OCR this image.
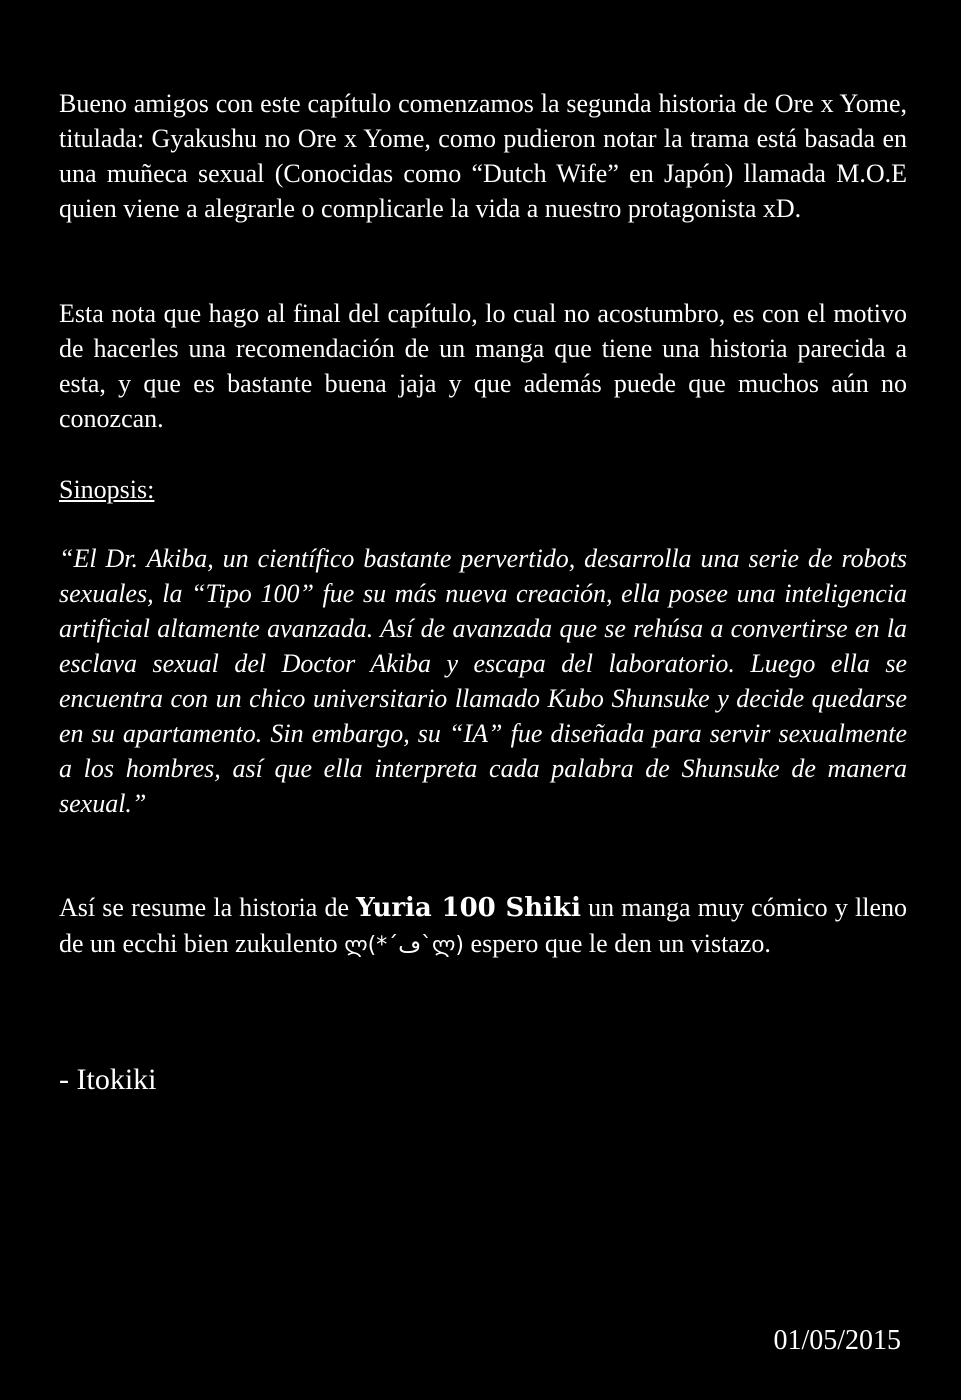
Bueno amigos con este capítulo comenzamos la segunda historia de Ore x Yome, titulada: Gyakushu no Ore x Yome, como pudieron notar la trama está basada en una muñeca sexual (Conocidas como “Dutch Wife” en Japón) llamada M.O.E quien viene a alegrarle o complicarle la vida a nuestro protagonista xD.

Esta nota que hago al final del capítulo, lo cual no acostumbro, es con el motivo de hacerles una recomendación de un manga que tiene una historia parecida a esta, y que es bastante buena jaja y que además puede que muchos aún no conozcan.

Sinopsis:

“El Dr. Akiba, un científico bastante pervertido, desarrolla una serie de robots sexuales, la “Tipo 100” fue su más nueva creación, ella posee una inteligencia artificial altamente avanzada. Así de avanzada que se rehúsa a convertirse en la esclava sexual del Doctor Akiba y escapa del laboratorio. Luego ella se encuentra con un chico universitario llamado Kubo Shunsuke y decide quedarse en su apartamento. Sin embargo, su “IA” fue diseñada para servir sexualmente a los hombres, así que ella interpreta cada palabra de Shunsuke de manera sexual.”

Así se resume la historia de Yuria 100 Shiki un manga muy cómico y lleno de un ecchi bien zukulento ლ(*´ڡ`ლ) espero que le den un vistazo.

- Itokiki

01/05/2015
